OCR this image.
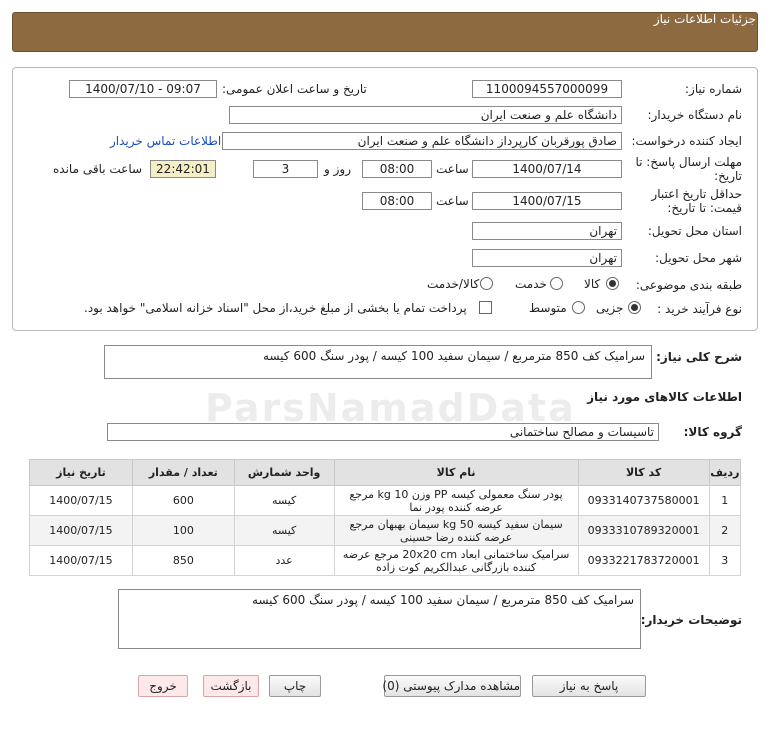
جزئیات اطلاعات نیاز
شماره نیاز:
1100094557000099
تاریخ و ساعت اعلان عمومی:
1400/07/10 - 09:07
نام دستگاه خریدار:
دانشگاه علم و صنعت ایران
ایجاد کننده درخواست:
صادق پورقربان کارپرداز دانشگاه علم و صنعت ایران
اطلاعات تماس خریدار
مهلت ارسال پاسخ: تا تاریخ:
1400/07/14
ساعت
08:00
روز و
3
22:42:01
ساعت باقی مانده
حداقل تاریخ اعتبار قیمت: تا تاریخ:
1400/07/15
ساعت
08:00
استان محل تحویل:
تهران
شهر محل تحویل:
تهران
طبقه بندی موضوعی:
کالا
خدمت
کالا/خدمت
نوع فرآیند خرید :
جزیی
متوسط
پرداخت تمام یا بخشی از مبلغ خرید،از محل "اسناد خزانه اسلامی" خواهد بود.
شرح کلی نیاز:
سرامیک کف 850 مترمربع / سیمان سفید 100 کیسه / پودر سنگ 600 کیسه
اطلاعات کالاهای مورد نیاز
گروه کالا:
تاسیسات و مصالح ساختمانی
ردیف	کد کالا	نام کالا	واحد شمارش	تعداد / مقدار	تاریخ نیاز
1	0933140737580001	پودر سنگ معمولی کیسه PP وزن 10 kg مرجع عرضه کننده پودر نما	کیسه	600	1400/07/15
2	0933310789320001	سیمان سفید کیسه 50 kg سیمان بهبهان مرجع عرضه کننده رضا حسینی	کیسه	100	1400/07/15
3	0933221783720001	سرامیک ساختمانی ابعاد 20x20 cm مرجع عرضه کننده بازرگانی عبدالکریم کوت زاده	عدد	850	1400/07/15
توضیحات خریدار:
سرامیک کف 850 مترمربع / سیمان سفید 100 کیسه / پودر سنگ 600 کیسه
ParsNamadData
پاسخ به نیاز
مشاهده مدارک پیوستی (0)
چاپ
بازگشت
خروج
